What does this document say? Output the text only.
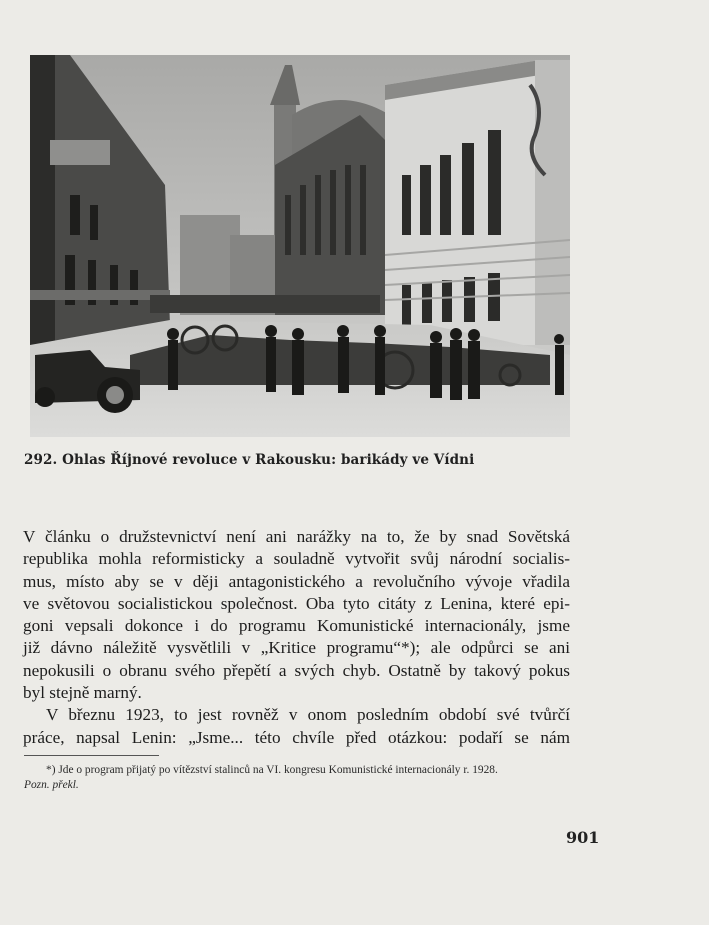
292. Ohlas Říjnové revoluce v Rakousku: barikády ve Vídni
V článku o družstevnictví není ani narážky na to, že by snad Sovětská
republika mohla reformisticky a souladně vytvořit svůj národní socialis-
mus, místo aby se v ději antagonistického a revolučního vývoje vřadila
ve světovou socialistickou společnost. Oba tyto citáty z Lenina, které epi-
goni vepsali dokonce i do programu Komunistické internacionály, jsme
již dávno náležitě vysvětlili v „Kritice programu“*); ale odpůrci se ani
nepokusili o obranu svého přepětí a svých chyb. Ostatně by takový pokus
byl stejně marný.
V březnu 1923, to jest rovněž v onom posledním období své tvůrčí
práce, napsal Lenin: „Jsme... této chvíle před otázkou: podaří se nám
*) Jde o program přijatý po vítězství stalinců na VI. kongresu Komunistické internacionály r. 1928.
Pozn. překl.
901
